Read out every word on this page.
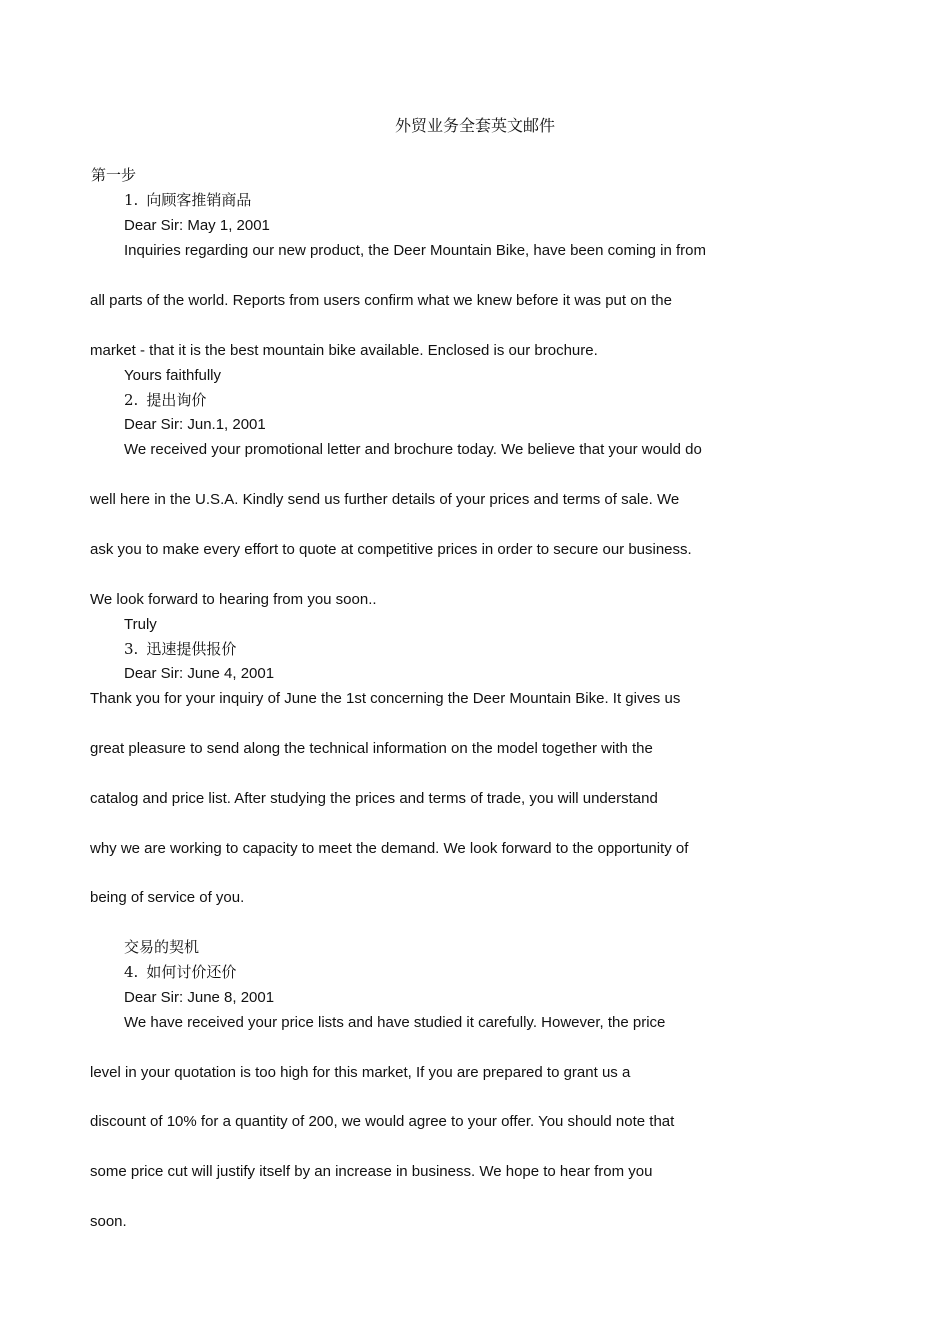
外贸业务全套英文邮件
第一步
1. 向顾客推销商品
Dear Sir: May 1, 2001
Inquiries regarding our new product, the Deer Mountain Bike, have been coming in from
all parts of the world. Reports from users confirm what we knew before it was put on the
market - that it is the best mountain bike available. Enclosed is our brochure.
Yours faithfully
2. 提出询价
Dear Sir: Jun.1, 2001
We received your promotional letter and brochure today. We believe that your would do
well here in the U.S.A. Kindly send us further details of your prices and terms of sale. We
ask you to make every effort to quote at competitive prices in order to secure our business.
We look forward to hearing from you soon..
Truly
3. 迅速提供报价
Dear Sir: June 4, 2001
Thank you for your inquiry of June the 1st concerning the Deer Mountain Bike. It gives us
great pleasure to send along the technical information on the model together with the
catalog and price list. After studying the prices and terms of trade, you will understand
why we are working to capacity to meet the demand. We look forward to the opportunity of
being of service of you.
交易的契机
4. 如何讨价还价
Dear Sir: June 8, 2001
We have received your price lists and have studied it carefully. However, the price
level in your quotation is too high for this market, If you are prepared to grant us a
discount of 10% for a quantity of 200, we would agree to your offer. You should note that
some price cut will justify itself by an increase in business. We hope to hear from you
soon.
